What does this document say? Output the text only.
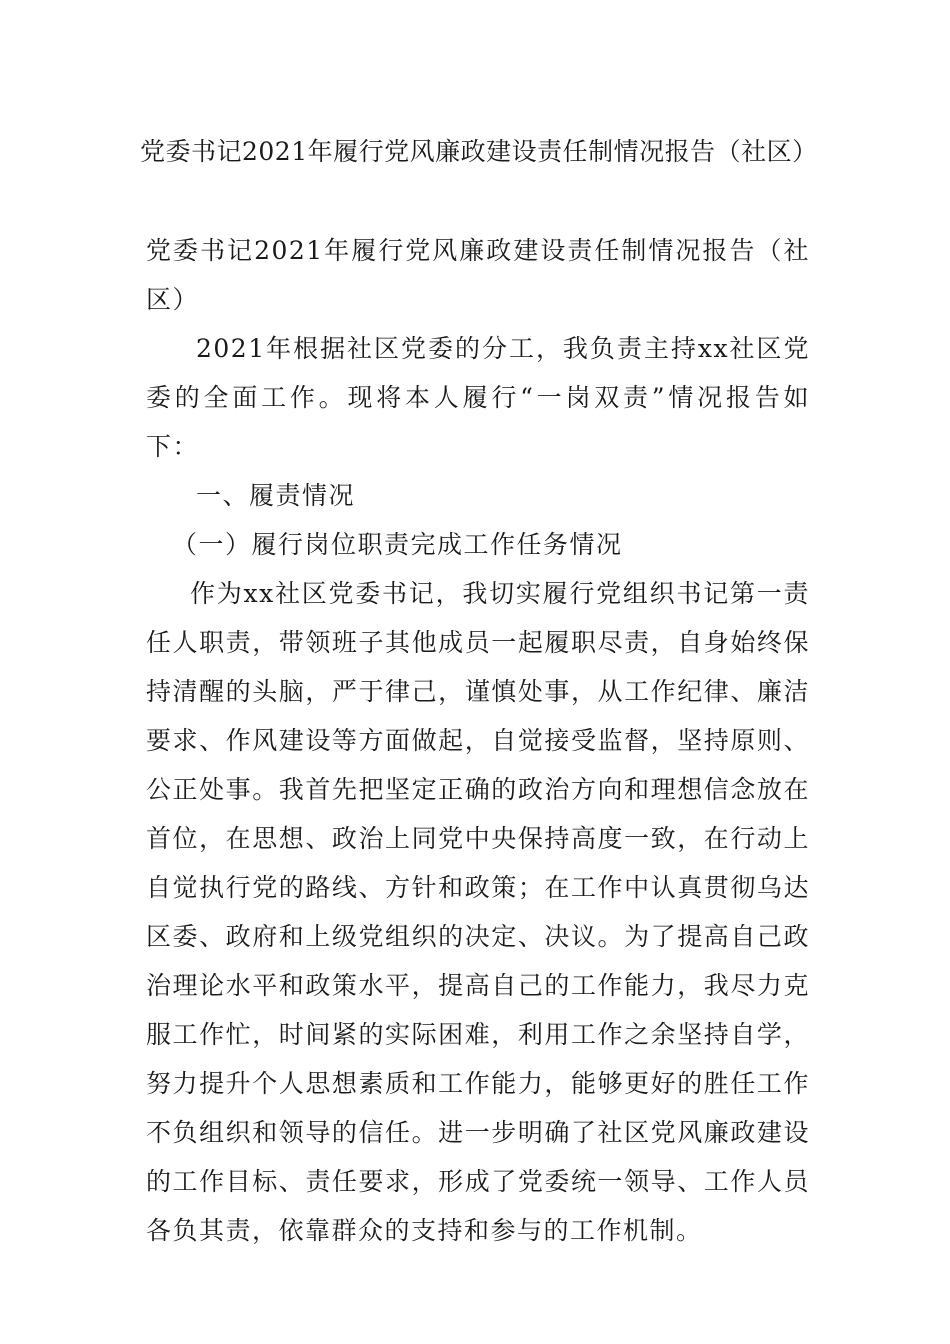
党委书记2021年履行党风廉政建设责任制情况报告（社区）

党委书记2021年履行党风廉政建设责任制情况报告（社区）

2021年根据社区党委的分工，我负责主持xx社区党委的全面工作。现将本人履行“一岗双责”情况报告如下：

一、履责情况

（一）履行岗位职责完成工作任务情况

作为xx社区党委书记，我切实履行党组织书记第一责任人职责，带领班子其他成员一起履职尽责，自身始终保持清醒的头脑，严于律己，谨慎处事，从工作纪律、廉洁要求、作风建设等方面做起，自觉接受监督，坚持原则、公正处事。我首先把坚定正确的政治方向和理想信念放在首位，在思想、政治上同党中央保持高度一致，在行动上自觉执行党的路线、方针和政策；在工作中认真贯彻乌达区委、政府和上级党组织的决定、决议。为了提高自己政治理论水平和政策水平，提高自己的工作能力，我尽力克服工作忙，时间紧的实际困难，利用工作之余坚持自学，努力提升个人思想素质和工作能力，能够更好的胜任工作不负组织和领导的信任。进一步明确了社区党风廉政建设的工作目标、责任要求，形成了党委统一领导、工作人员各负其责，依靠群众的支持和参与的工作机制。
